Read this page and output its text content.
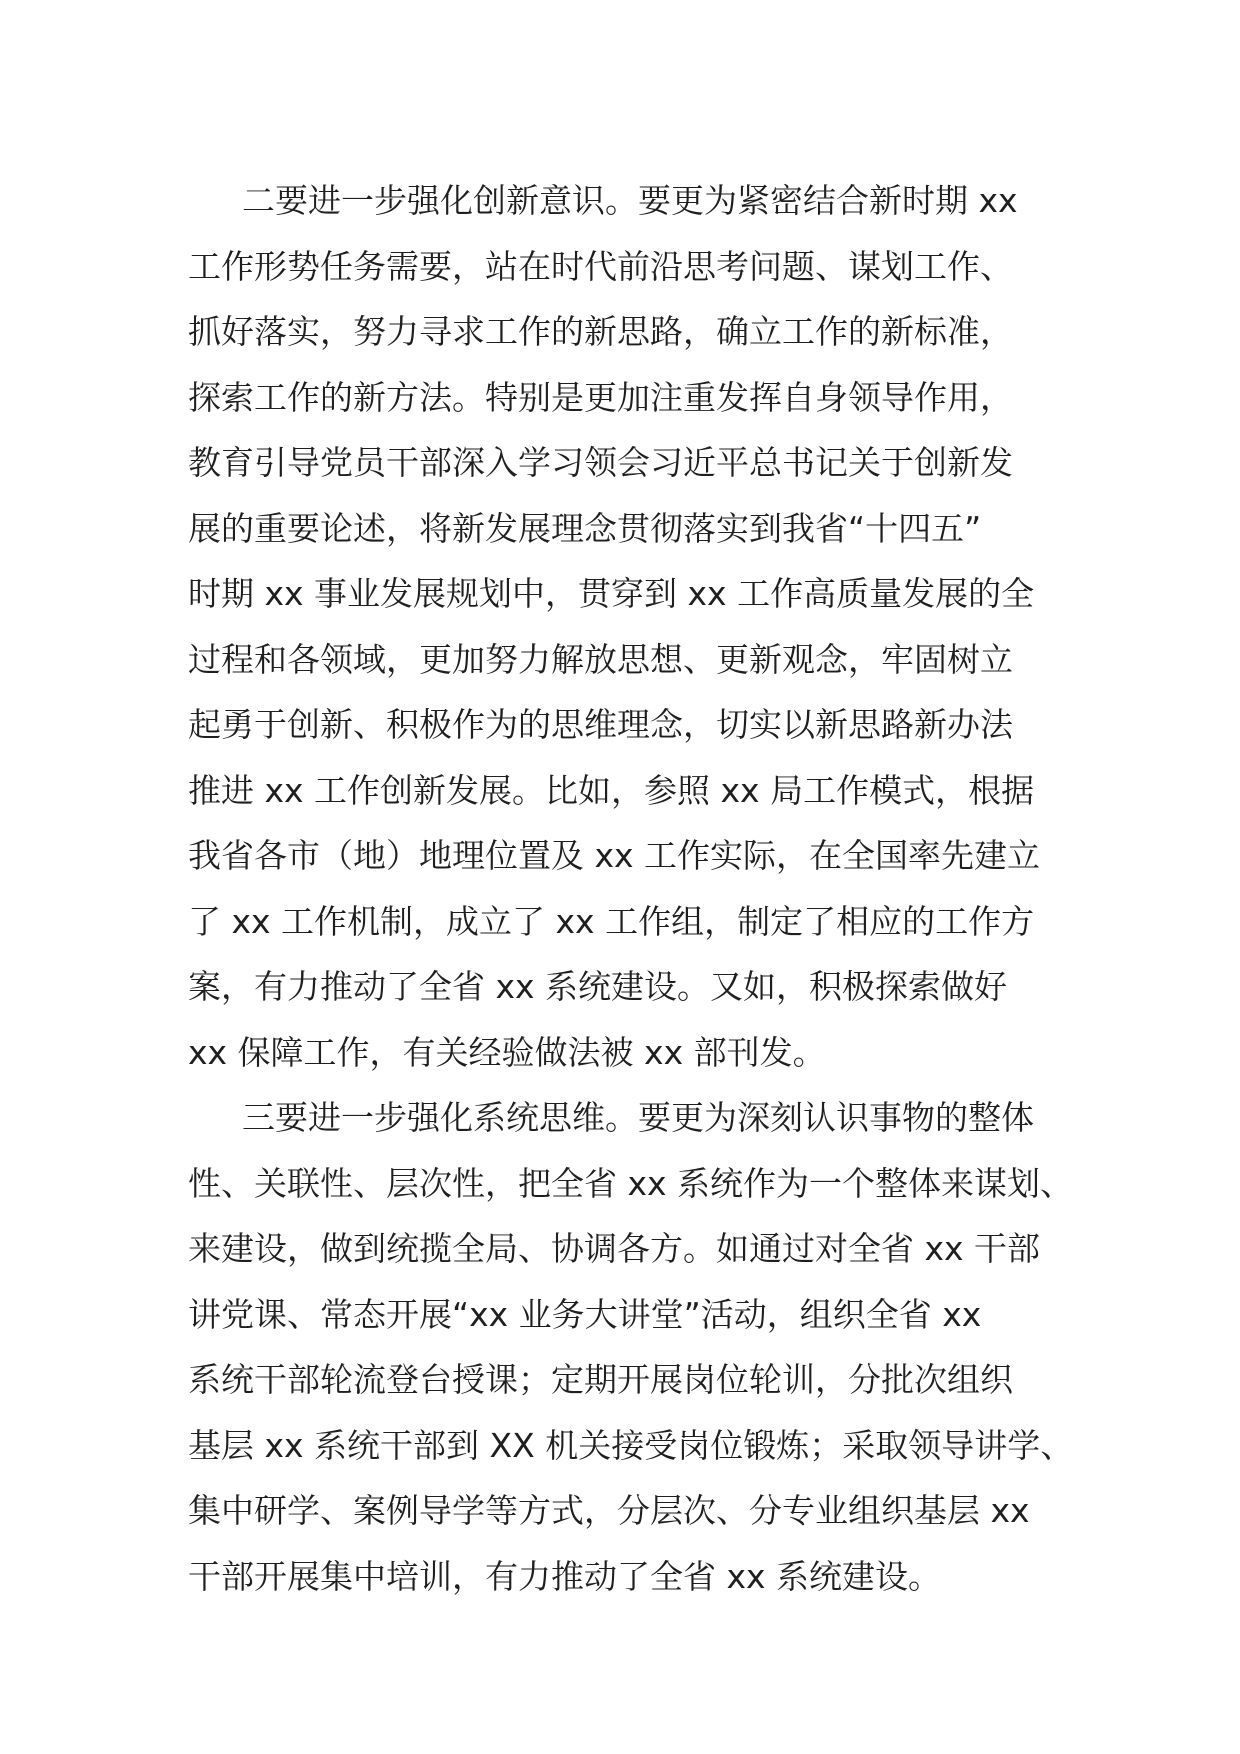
二要进一步强化创新意识。要更为紧密结合新时期 xx
工作形势任务需要，站在时代前沿思考问题、谋划工作、
抓好落实，努力寻求工作的新思路，确立工作的新标准，
探索工作的新方法。特别是更加注重发挥自身领导作用，
教育引导党员干部深入学习领会习近平总书记关于创新发
展的重要论述，将新发展理念贯彻落实到我省“十四五”
时期 xx 事业发展规划中，贯穿到 xx 工作高质量发展的全
过程和各领域，更加努力解放思想、更新观念，牢固树立
起勇于创新、积极作为的思维理念，切实以新思路新办法
推进 xx 工作创新发展。比如，参照 xx 局工作模式，根据
我省各市（地）地理位置及 xx 工作实际，在全国率先建立
了 xx 工作机制，成立了 xx 工作组，制定了相应的工作方
案，有力推动了全省 xx 系统建设。又如，积极探索做好
xx 保障工作，有关经验做法被 xx 部刊发。
三要进一步强化系统思维。要更为深刻认识事物的整体
性、关联性、层次性，把全省 xx 系统作为一个整体来谋划、
来建设，做到统揽全局、协调各方。如通过对全省 xx 干部
讲党课、常态开展“xx 业务大讲堂”活动，组织全省 xx
系统干部轮流登台授课；定期开展岗位轮训，分批次组织
基层 xx 系统干部到 XX 机关接受岗位锻炼；采取领导讲学、
集中研学、案例导学等方式，分层次、分专业组织基层 xx
干部开展集中培训，有力推动了全省 xx 系统建设。
